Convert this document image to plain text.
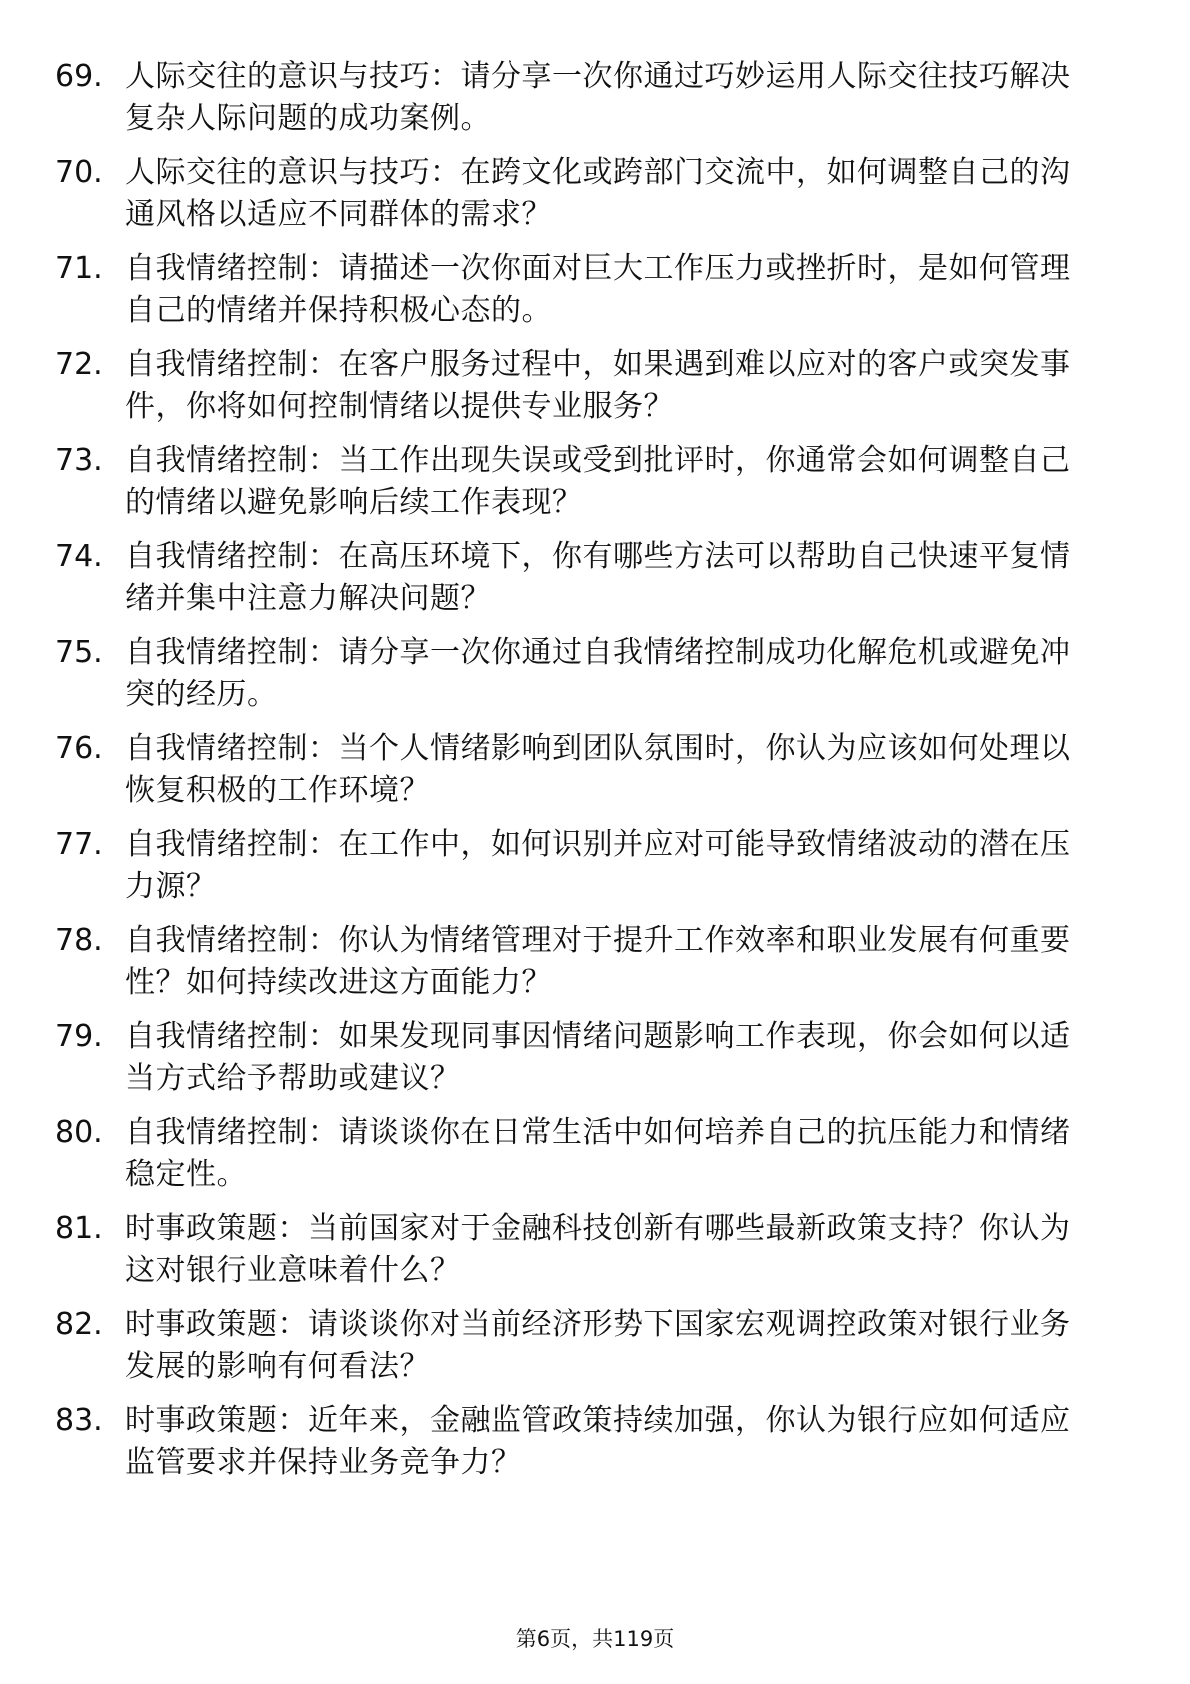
69. 人际交往的意识与技巧：请分享一次你通过巧妙运用人际交往技巧解决复杂人际问题的成功案例。
70. 人际交往的意识与技巧：在跨文化或跨部门交流中，如何调整自己的沟通风格以适应不同群体的需求？
71. 自我情绪控制：请描述一次你面对巨大工作压力或挫折时，是如何管理自己的情绪并保持积极心态的。
72. 自我情绪控制：在客户服务过程中，如果遇到难以应对的客户或突发事件，你将如何控制情绪以提供专业服务？
73. 自我情绪控制：当工作出现失误或受到批评时，你通常会如何调整自己的情绪以避免影响后续工作表现？
74. 自我情绪控制：在高压环境下，你有哪些方法可以帮助自己快速平复情绪并集中注意力解决问题？
75. 自我情绪控制：请分享一次你通过自我情绪控制成功化解危机或避免冲突的经历。
76. 自我情绪控制：当个人情绪影响到团队氛围时，你认为应该如何处理以恢复积极的工作环境？
77. 自我情绪控制：在工作中，如何识别并应对可能导致情绪波动的潜在压力源？
78. 自我情绪控制：你认为情绪管理对于提升工作效率和职业发展有何重要性？如何持续改进这方面能力？
79. 自我情绪控制：如果发现同事因情绪问题影响工作表现，你会如何以适当方式给予帮助或建议？
80. 自我情绪控制：请谈谈你在日常生活中如何培养自己的抗压能力和情绪稳定性。
81. 时事政策题：当前国家对于金融科技创新有哪些最新政策支持？你认为这对银行业意味着什么？
82. 时事政策题：请谈谈你对当前经济形势下国家宏观调控政策对银行业务发展的影响有何看法？
83. 时事政策题：近年来，金融监管政策持续加强，你认为银行应如何适应监管要求并保持业务竞争力？
第6页，共119页
